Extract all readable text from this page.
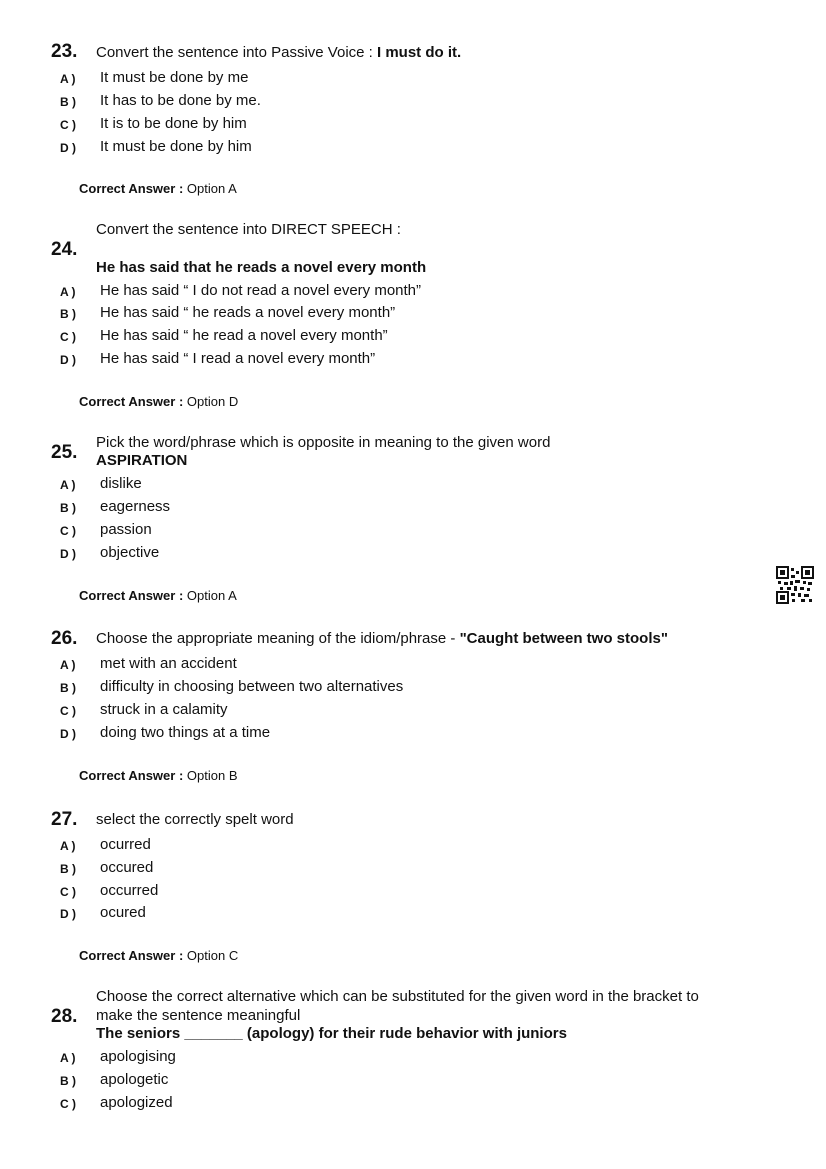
23. Convert the sentence into Passive Voice : I must do it.
A ) It must be done by me
B ) It has to be done by me.
C ) It is to be done by him
D ) It must be done by him
Correct Answer : Option A
Convert the sentence into DIRECT SPEECH :
24.
He has said that he reads a novel every month
A ) He has said “ I do not read a novel every month”
B ) He has said “ he reads a novel every month”
C ) He has said “ he read a novel every month”
D ) He has said “ I read a novel every month”
Correct Answer : Option D
Pick the word/phrase which is opposite in meaning to the given word
25. ASPIRATION
A ) dislike
B ) eagerness
C ) passion
D ) objective
Correct Answer : Option A
26. Choose the appropriate meaning of the idiom/phrase - "Caught between two stools"
A ) met with an accident
B ) difficulty in choosing between two alternatives
C ) struck in a calamity
D ) doing two things at a time
Correct Answer : Option B
27. select the correctly spelt word
A ) ocurred
B ) occured
C ) occurred
D ) ocured
Correct Answer : Option C
Choose the correct alternative which can be substituted for the given word in the bracket to
28. make the sentence meaningful
The seniors _______ (apology) for their rude behavior with juniors
A ) apologising
B ) apologetic
C ) apologized
